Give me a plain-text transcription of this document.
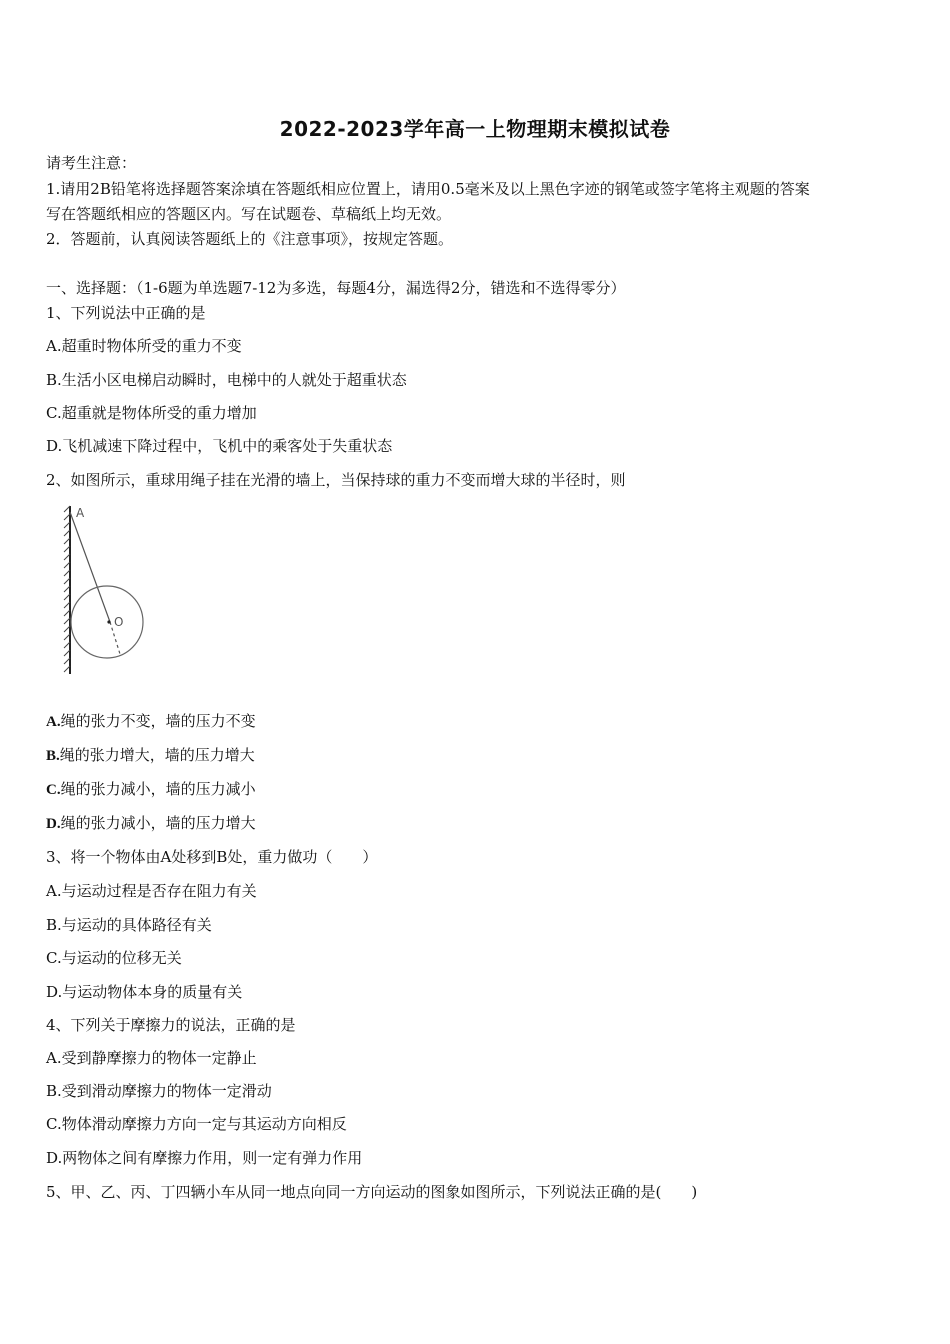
2022-2023学年高一上物理期末模拟试卷
请考生注意：
1.请用2B铅笔将选择题答案涂填在答题纸相应位置上，请用0.5毫米及以上黑色字迹的钢笔或签字笔将主观题的答案
写在答题纸相应的答题区内。写在试题卷、草稿纸上均无效。
2．答题前，认真阅读答题纸上的《注意事项》，按规定答题。
一、选择题：（1-6题为单选题7-12为多选，每题4分，漏选得2分，错选和不选得零分）
1、下列说法中正确的是
A.超重时物体所受的重力不变
B.生活小区电梯启动瞬时，电梯中的人就处于超重状态
C.超重就是物体所受的重力增加
D.飞机减速下降过程中，飞机中的乘客处于失重状态
2、如图所示，重球用绳子挂在光滑的墙上，当保持球的重力不变而增大球的半径时，则
A
O
A.绳的张力不变，墙的压力不变
B.绳的张力增大，墙的压力增大
C.绳的张力减小，墙的压力减小
D.绳的张力减小，墙的压力增大
3、将一个物体由A处移到B处，重力做功（　　）
A.与运动过程是否存在阻力有关
B.与运动的具体路径有关
C.与运动的位移无关
D.与运动物体本身的质量有关
4、下列关于摩擦力的说法，正确的是
A.受到静摩擦力的物体一定静止
B.受到滑动摩擦力的物体一定滑动
C.物体滑动摩擦力方向一定与其运动方向相反
D.两物体之间有摩擦力作用，则一定有弹力作用
5、甲、乙、丙、丁四辆小车从同一地点向同一方向运动的图象如图所示，下列说法正确的是(　　)
